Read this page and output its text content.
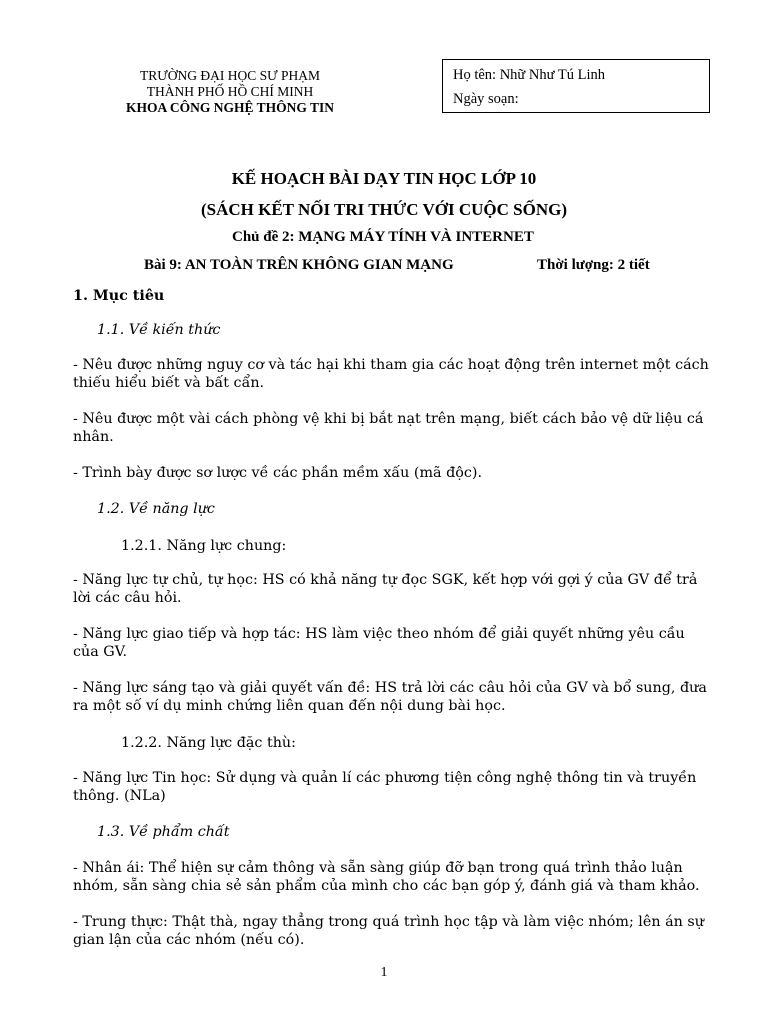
TRƯỜNG ĐẠI HỌC SƯ PHẠM
THÀNH PHỐ HỒ CHÍ MINH
KHOA CÔNG NGHỆ THÔNG TIN
Họ tên: Nhữ Như Tú Linh
Ngày soạn:
KẾ HOẠCH BÀI DẠY TIN HỌC LỚP 10
(SÁCH KẾT NỐI TRI THỨC VỚI CUỘC SỐNG)
Chủ đề 2: MẠNG MÁY TÍNH VÀ INTERNET
Bài 9: AN TOÀN TRÊN KHÔNG GIAN MẠNG	Thời lượng: 2 tiết
1. Mục tiêu
1.1. Về kiến thức
- Nêu được những nguy cơ và tác hại khi tham gia các hoạt động trên internet một cách thiếu hiểu biết và bất cẩn.
- Nêu được một vài cách phòng vệ khi bị bắt nạt trên mạng, biết cách bảo vệ dữ liệu cá nhân.
- Trình bày được sơ lược về các phần mềm xấu (mã độc).
1.2. Về năng lực
1.2.1. Năng lực chung:
- Năng lực tự chủ, tự học: HS có khả năng tự đọc SGK, kết hợp với gợi ý của GV để trả lời các câu hỏi.
- Năng lực giao tiếp và hợp tác: HS làm việc theo nhóm để giải quyết những yêu cầu của GV.
- Năng lực sáng tạo và giải quyết vấn đề: HS trả lời các câu hỏi của GV và bổ sung, đưa ra một số ví dụ minh chứng liên quan đến nội dung bài học.
1.2.2. Năng lực đặc thù:
- Năng lực Tin học: Sử dụng và quản lí các phương tiện công nghệ thông tin và truyền thông. (NLa)
1.3. Về phẩm chất
- Nhân ái: Thể hiện sự cảm thông và sẵn sàng giúp đỡ bạn trong quá trình thảo luận nhóm, sẵn sàng chia sẻ sản phẩm của mình cho các bạn góp ý, đánh giá và tham khảo.
- Trung thực: Thật thà, ngay thẳng trong quá trình học tập và làm việc nhóm; lên án sự gian lận của các nhóm (nếu có).
1
